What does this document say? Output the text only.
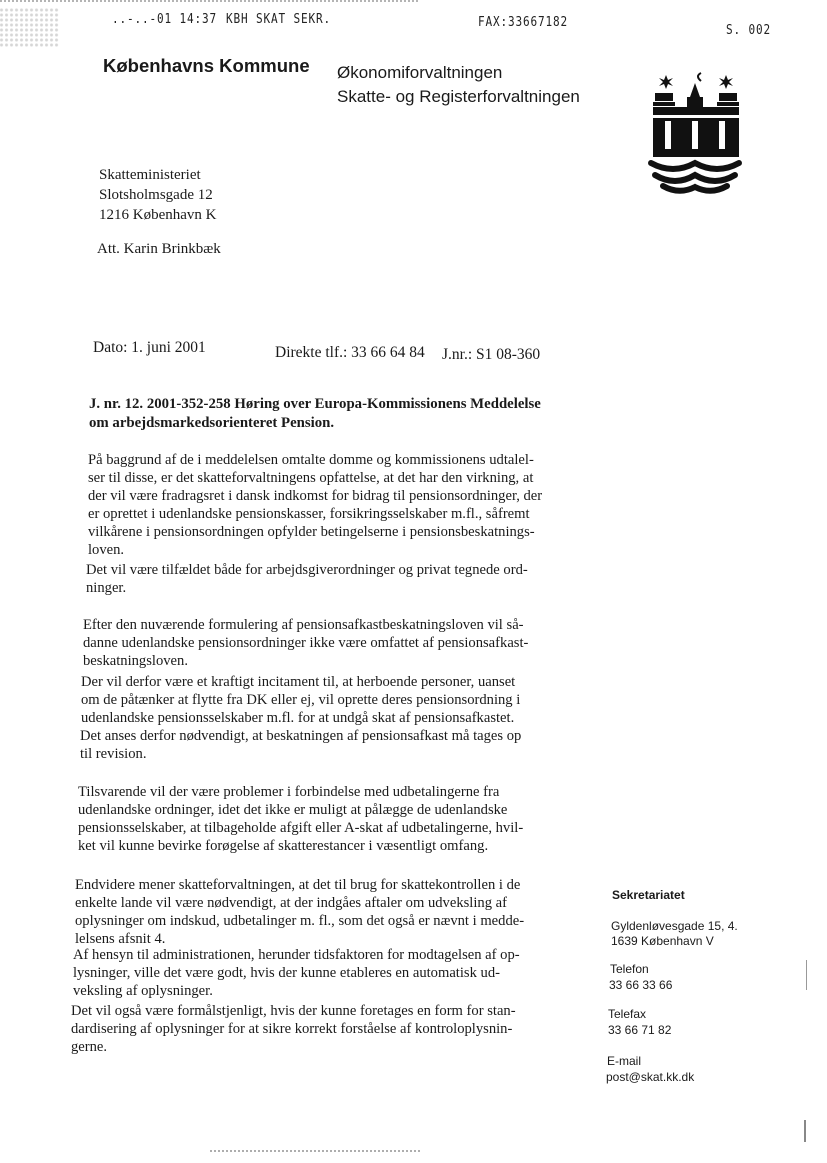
..-..-01 14:37 KBH SKAT SEKR.	FAX:33667182
S. 002
Københavns Kommune Økonomiforvaltningen
Skatte- og Registerforvaltningen
Skatteministeriet
Slotsholmsgade 12
1216 København K
Att. Karin Brinkbæk
Dato: 1. juni 2001	Direkte tlf.: 33 66 64 84 J.nr.: S1 08-360
J. nr. 12. 2001-352-258 Høring over Europa-Kommissionens Meddelelse
om arbejdsmarkedsorienteret Pension.
På baggrund af de i meddelelsen omtalte domme og kommissionens udtalel-
ser til disse, er det skatteforvaltningens opfattelse, at det har den virkning, at
der vil være fradragsret i dansk indkomst for bidrag til pensionsordninger, der
er oprettet i udenlandske pensionskasser, forsikringsselskaber m.fl., såfremt
vilkårene i pensionsordningen opfylder betingelserne i pensionsbeskatnings-
loven.
Det vil være tilfældet både for arbejdsgiverordninger og privat tegnede ord-
ninger.
Efter den nuværende formulering af pensionsafkastbeskatningsloven vil så-
danne udenlandske pensionsordninger ikke være omfattet af pensionsafkast-
beskatningsloven.
Der vil derfor være et kraftigt incitament til, at herboende personer, uanset
om de påtænker at flytte fra DK eller ej, vil oprette deres pensionsordning i
udenlandske pensionsselskaber m.fl. for at undgå skat af pensionsafkastet.
Det anses derfor nødvendigt, at beskatningen af pensionsafkast må tages op
til revision.
Tilsvarende vil der være problemer i forbindelse med udbetalingerne fra
udenlandske ordninger, idet det ikke er muligt at pålægge de udenlandske
pensionsselskaber, at tilbageholde afgift eller A-skat af udbetalingerne, hvil-
ket vil kunne bevirke forøgelse af skatterestancer i væsentligt omfang.
Endvidere mener skatteforvaltningen, at det til brug for skattekontrollen i de
enkelte lande vil være nødvendigt, at der indgåes aftaler om udveksling af
oplysninger om indskud, udbetalinger m. fl., som det også er nævnt i medde-
lelsens afsnit 4.
Af hensyn til administrationen, herunder tidsfaktoren for modtagelsen af op-
lysninger, ville det være godt, hvis der kunne etableres en automatisk ud-
veksling af oplysninger.
Det vil også være formålstjenligt, hvis der kunne foretages en form for stan-
dardisering af oplysninger for at sikre korrekt forståelse af kontroloplysnin-
gerne.
Sekretariatet
Gyldenløvesgade 15, 4.
1639 København V
Telefon
33 66 33 66
Telefax
33 66 71 82
E-mail
post@skat.kk.dk
